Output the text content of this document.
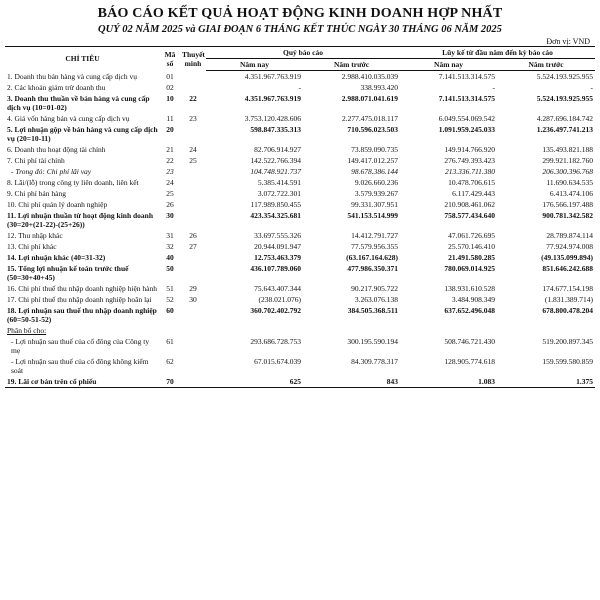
BÁO CÁO KẾT QUẢ HOẠT ĐỘNG KINH DOANH HỢP NHẤT
QUÝ 02 NĂM 2025 và GIAI ĐOẠN 6 THÁNG KẾT THÚC NGÀY 30 THÁNG 06 NĂM 2025
Đơn vị: VND
CHỈ TIÊU	Mã số	Thuyết minh	Quý báo cáo		Lũy kế từ đầu năm đến kỳ báo cáo	
			Năm nay	Năm trước	Năm nay	Năm trước
1. Doanh thu bán hàng và cung cấp dịch vụ	01		4.351.967.763.919	2.988.410.035.039	7.141.513.314.575	5.524.193.925.955
2. Các khoản giảm trừ doanh thu	02		-	338.993.420	-	-
3. Doanh thu thuần về bán hàng và cung cấp dịch vụ (10=01-02)	10	22	4.351.967.763.919	2.988.071.041.619	7.141.513.314.575	5.524.193.925.955
4. Giá vốn hàng bán và cung cấp dịch vụ	11	23	3.753.120.428.606	2.277.475.018.117	6.049.554.069.542	4.287.696.184.742
5. Lợi nhuận gộp về bán hàng và cung cấp dịch vụ (20=10-11)	20		598.847.335.313	710.596.023.503	1.091.959.245.033	1.236.497.741.213
6. Doanh thu hoạt động tài chính	21	24	82.706.914.927	73.859.090.735	149.914.766.920	135.493.821.188
7. Chi phí tài chính	22	25	142.522.766.394	149.417.012.257	276.749.393.423	299.921.182.760
- Trong đó: Chi phí lãi vay	23		104.748.921.737	98.678.386.144	213.336.711.380	206.300.396.768
8. Lãi/(lỗ) trong công ty liên doanh, liên kết	24		5.385.414.591	9.026.660.236	10.478.706.615	11.690.634.535
9. Chi phí bán hàng	25		3.072.722.301	3.579.939.267	6.117.429.443	6.413.474.106
10. Chi phí quản lý doanh nghiệp	26		117.989.850.455	99.331.307.951	210.908.461.062	176.566.197.488
11. Lợi nhuận thuần từ hoạt động kinh doanh (30=20+(21-22)-(25+26))	30		423.354.325.681	541.153.514.999	758.577.434.640	900.781.342.582
12. Thu nhập khác	31	26	33.697.555.326	14.412.791.727	47.061.726.695	28.789.874.114
13. Chi phí khác	32	27	20.944.091.947	77.579.956.355	25.570.146.410	77.924.974.008
14. Lợi nhuận khác (40=31-32)	40		12.753.463.379	(63.167.164.628)	21.491.580.285	(49.135.099.894)
15. Tổng lợi nhuận kế toán trước thuế (50=30+40+45)	50		436.107.789.060	477.986.350.371	780.069.014.925	851.646.242.688
16. Chi phí thuế thu nhập doanh nghiệp hiện hành	51	29	75.643.407.344	90.217.905.722	138.931.610.528	174.677.154.198
17. Chi phí thuế thu nhập doanh nghiệp hoãn lại	52	30	(238.021.076)	3.263.076.138	3.484.908.349	(1.831.389.714)
18. Lợi nhuận sau thuế thu nhập doanh nghiệp (60=50-51-52)	60		360.702.402.792	384.505.368.511	637.652.496.048	678.800.478.204
Phân bổ cho:						
- Lợi nhuận sau thuế của cổ đông của Công ty mẹ	61		293.686.728.753	300.195.590.194	508.746.721.430	519.200.897.345
- Lợi nhuận sau thuế của cổ đông không kiểm soát	62		67.015.674.039	84.309.778.317	128.905.774.618	159.599.580.859
19. Lãi cơ bản trên cổ phiếu	70		625	843	1.083	1.375
